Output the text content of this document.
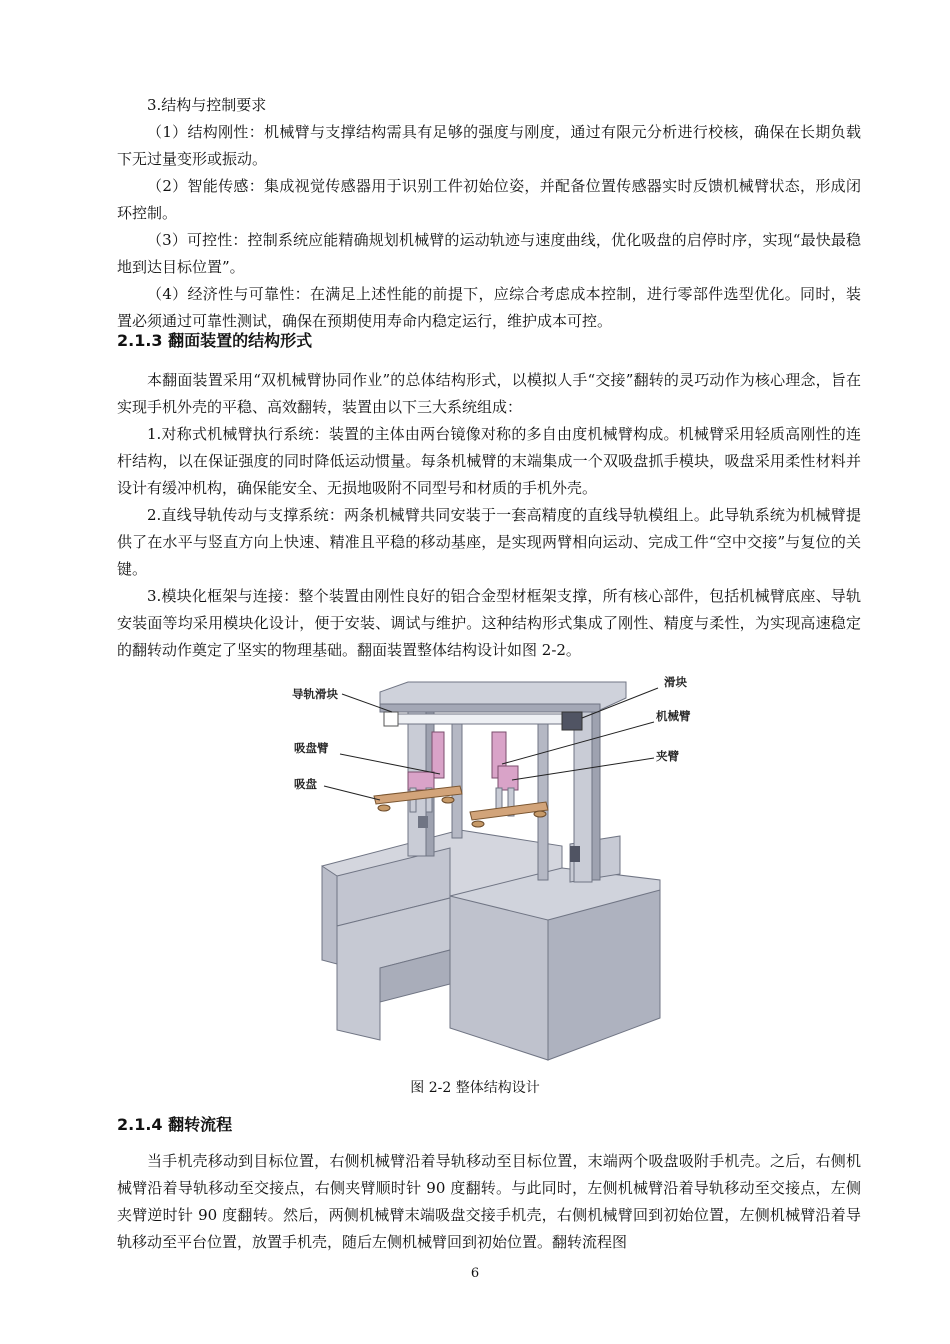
3.结构与控制要求

（1）结构刚性：机械臂与支撑结构需具有足够的强度与刚度，通过有限元分析进行校核，确保在长期负载下无过量变形或振动。

（2）智能传感：集成视觉传感器用于识别工件初始位姿，并配备位置传感器实时反馈机械臂状态，形成闭环控制。

（3）可控性：控制系统应能精确规划机械臂的运动轨迹与速度曲线，优化吸盘的启停时序，实现“最快最稳地到达目标位置”。

（4）经济性与可靠性：在满足上述性能的前提下，应综合考虑成本控制，进行零部件选型优化。同时，装置必须通过可靠性测试，确保在预期使用寿命内稳定运行，维护成本可控。

2.1.3 翻面装置的结构形式

本翻面装置采用“双机械臂协同作业”的总体结构形式，以模拟人手“交接”翻转的灵巧动作为核心理念，旨在实现手机外壳的平稳、高效翻转，装置由以下三大系统组成：

1.对称式机械臂执行系统：装置的主体由两台镜像对称的多自由度机械臂构成。机械臂采用轻质高刚性的连杆结构，以在保证强度的同时降低运动惯量。每条机械臂的末端集成一个双吸盘抓手模块，吸盘采用柔性材料并设计有缓冲机构，确保能安全、无损地吸附不同型号和材质的手机外壳。

2.直线导轨传动与支撑系统：两条机械臂共同安装于一套高精度的直线导轨模组上。此导轨系统为机械臂提供了在水平与竖直方向上快速、精准且平稳的移动基座，是实现两臂相向运动、完成工件“空中交接”与复位的关键。

3.模块化框架与连接：整个装置由刚性良好的铝合金型材框架支撑，所有核心部件，包括机械臂底座、导轨安装面等均采用模块化设计，便于安装、调试与维护。这种结构形式集成了刚性、精度与柔性，为实现高速稳定的翻转动作奠定了坚实的物理基础。翻面装置整体结构设计如图 2-2。

导轨滑块
吸盘臂
吸盘
滑块
机械臂
夹臂
图 2-2 整体结构设计
2.1.4 翻转流程

当手机壳移动到目标位置，右侧机械臂沿着导轨移动至目标位置，末端两个吸盘吸附手机壳。之后，右侧机械臂沿着导轨移动至交接点，右侧夹臂顺时针 90 度翻转。与此同时，左侧机械臂沿着导轨移动至交接点，左侧夹臂逆时针 90 度翻转。然后，两侧机械臂末端吸盘交接手机壳，右侧机械臂回到初始位置，左侧机械臂沿着导轨移动至平台位置，放置手机壳，随后左侧机械臂回到初始位置。翻转流程图

6
